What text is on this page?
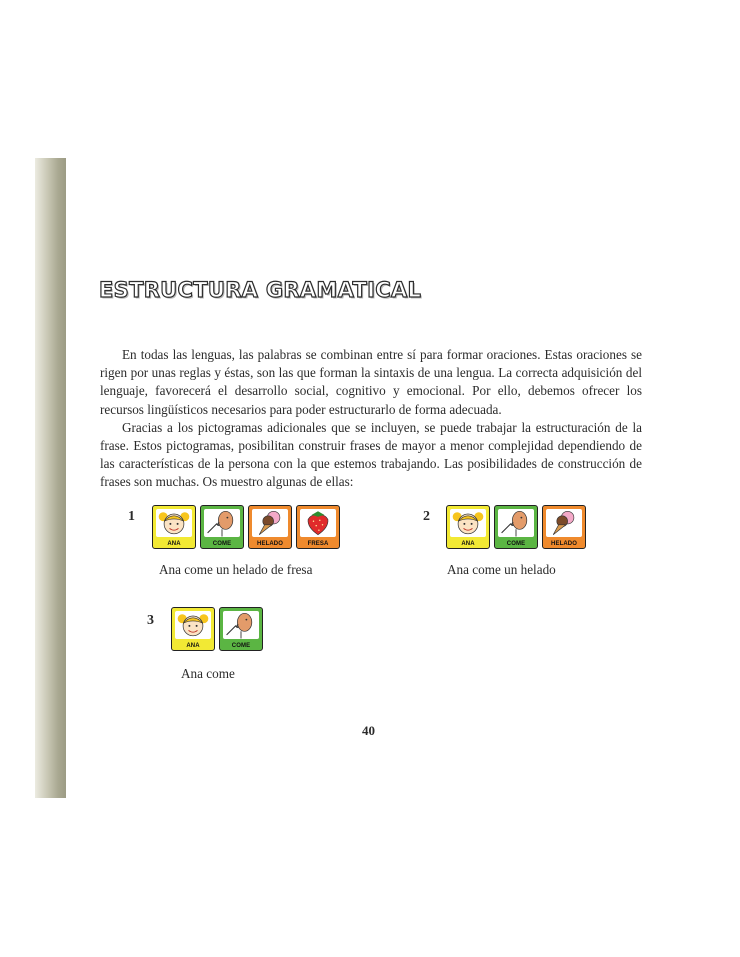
ESTRUCTURA GRAMATICAL

En todas las lenguas, las palabras se combinan entre sí para formar oraciones. Estas oraciones se rigen por unas reglas y éstas, son las que forman la sintaxis de una lengua. La correcta adquisición del lenguaje, favorecerá el desarrollo social, cognitivo y emocional. Por ello, debemos ofrecer los recursos lingüísticos necesarios para poder estructurarlo de forma adecuada.

Gracias a los pictogramas adicionales que se incluyen, se puede trabajar la estructuración de la frase. Estos pictogramas, posibilitan construir frases de mayor a menor complejidad dependiendo de las características de la persona con la que estemos trabajando. Las posibilidades de construcción de frases son muchas. Os muestro algunas de ellas:

1
ANA	COME	HELADO	FRESA
Ana come un helado de fresa
2
ANA	COME	HELADO
Ana come un helado
3
ANA	COME
Ana come
40
